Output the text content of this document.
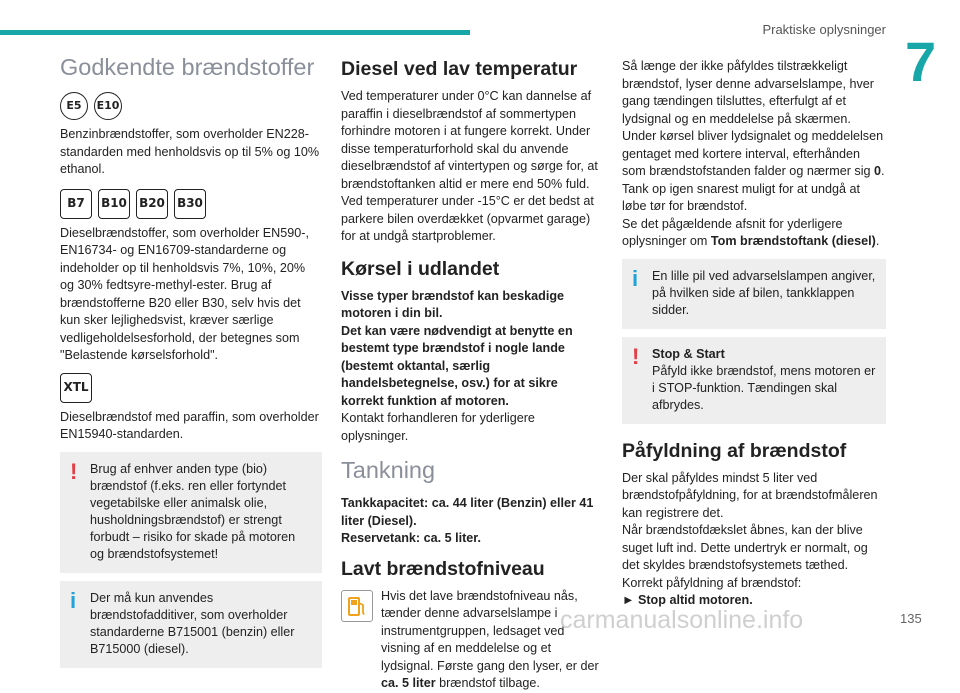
Praktiske oplysninger
7
Godkendte brændstoffer
E5	E10

Benzinbrændstoffer, som overholder EN228-standarden med henholdsvis op til 5% og 10% ethanol.

B7	B10 B20 B30

Dieselbrændstoffer, som overholder EN590-, EN16734- og EN16709-standarderne og indeholder op til henholdsvis 7%, 10%, 20% og 30% fedtsyre-methyl-ester. Brug af brændstofferne B20 eller B30, selv hvis det kun sker lejlighedsvist, kræver særlige vedligeholdelsesforhold, der betegnes som "Belastende kørselsforhold".

XTL

Dieselbrændstof med paraffin, som overholder EN15940-standarden.

!	Brug af enhver anden type (bio) brændstof (f.eks. ren eller fortyndet vegetabilske eller animalsk olie, husholdningsbrændstof) er strengt forbudt – risiko for skade på motoren og brændstofsystemet!
i	Der må kun anvendes brændstofadditiver, som overholder standarderne B715001 (benzin) eller B715000 (diesel).
Diesel ved lav temperatur

Ved temperaturer under 0°C kan dannelse af paraffin i dieselbrændstof af sommertypen forhindre motoren i at fungere korrekt. Under disse temperaturforhold skal du anvende dieselbrændstof af vintertypen og sørge for, at brændstoftanken altid er mere end 50% fuld. Ved temperaturer under -15°C er det bedst at parkere bilen overdækket (opvarmet garage) for at undgå startproblemer.

Kørsel i udlandet

Visse typer brændstof kan beskadige motoren i din bil.
Det kan være nødvendigt at benytte en bestemt type brændstof i nogle lande (bestemt oktantal, særlig handelsbetegnelse, osv.) for at sikre korrekt funktion af motoren.

Kontakt forhandleren for yderligere oplysninger.

Tankning

Tankkapacitet: ca. 44 liter (Benzin) eller 41 liter (Diesel).
Reservetank: ca. 5 liter.

Lavt brændstofniveau

Hvis det lave brændstofniveau nås, tænder denne advarselslampe i instrumentgruppen, ledsaget ved visning af en meddelelse og et lydsignal. Første gang den lyser, er der ca. 5 liter brændstof tilbage.

Så længe der ikke påfyldes tilstrækkeligt brændstof, lyser denne advarselslampe, hver gang tændingen tilsluttes, efterfulgt af et lydsignal og en meddelelse på skærmen. Under kørsel bliver lydsignalet og meddelelsen gentaget med kortere interval, efterhånden som brændstofstanden falder og nærmer sig 0.
Tank op igen snarest muligt for at undgå at løbe tør for brændstof.
Se det pågældende afsnit for yderligere oplysninger om Tom brændstoftank (diesel).

i	En lille pil ved advarselslampen angiver, på hvilken side af bilen, tankklappen sidder.
!	Stop & Start
Påfyld ikke brændstof, mens motoren er i STOP-funktion. Tændingen skal afbrydes.
Påfyldning af brændstof

Der skal påfyldes mindst 5 liter ved brændstofpåfyldning, for at brændstofmåleren kan registrere det.
Når brændstofdækslet åbnes, kan der blive suget luft ind. Dette undertryk er normalt, og det skyldes brændstofsystemets tæthed.
Korrekt påfyldning af brændstof:

► Stop altid motoren.

carmanualsonline.info	135
